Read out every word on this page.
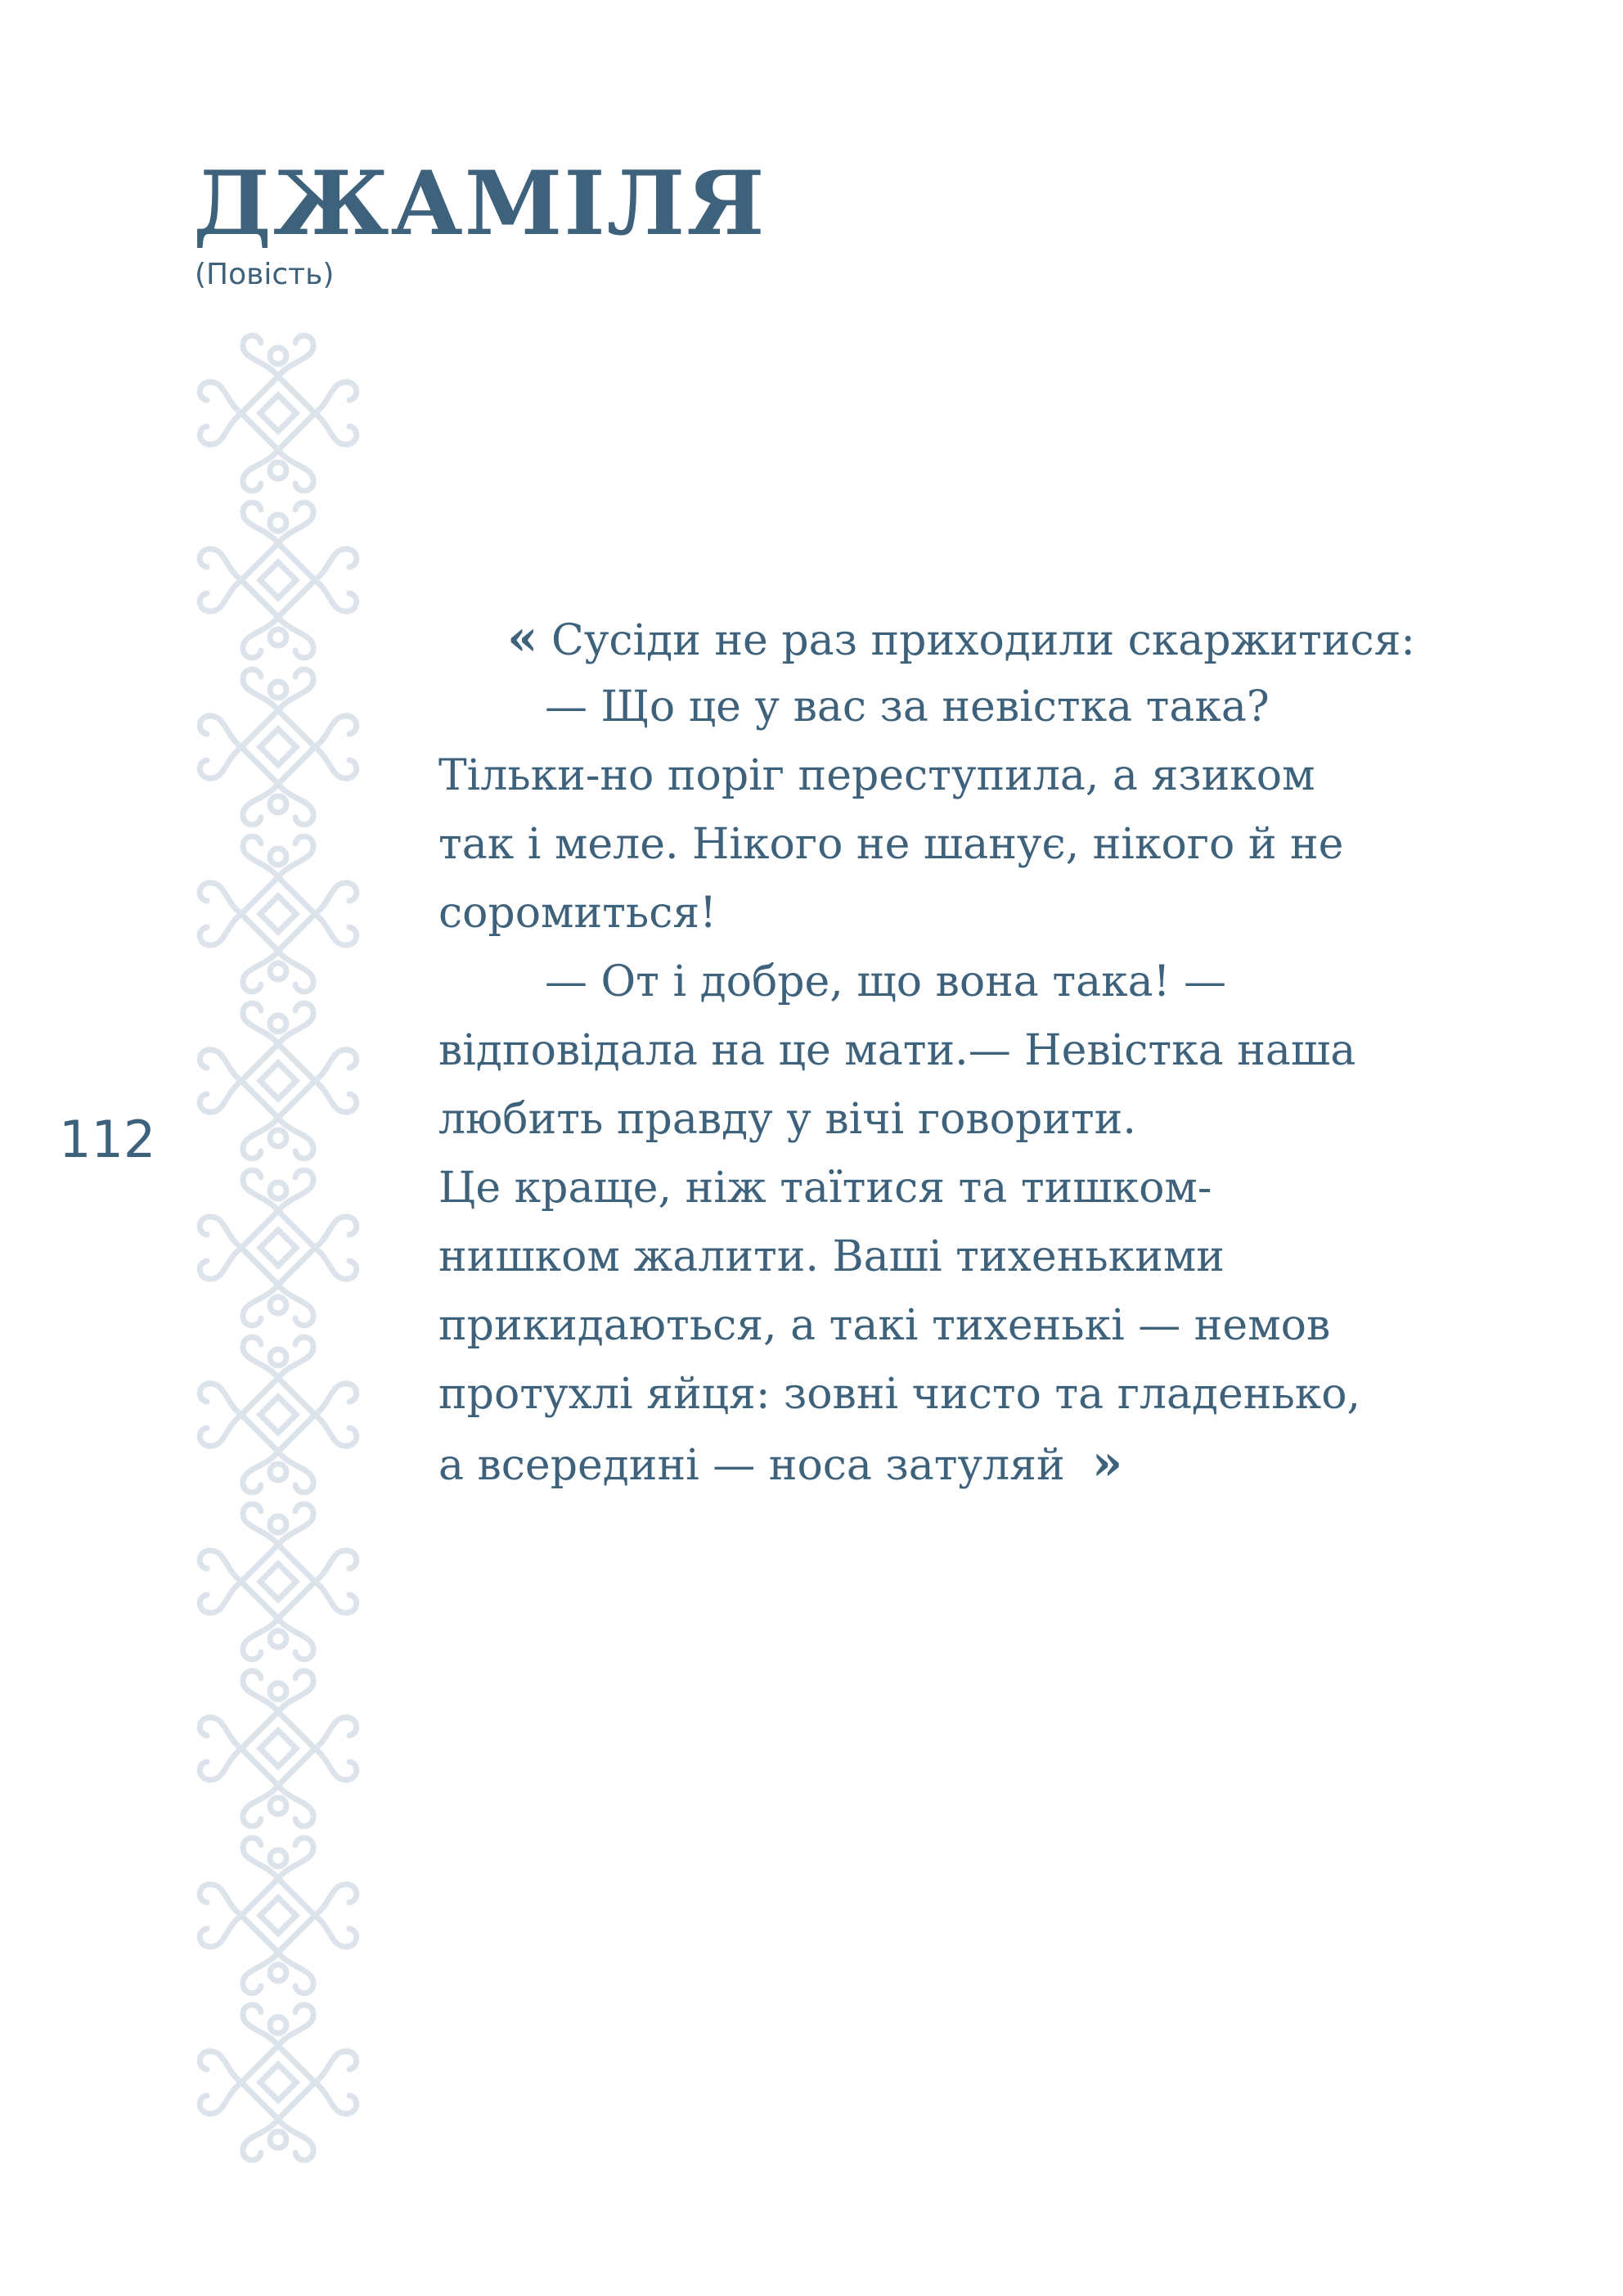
ДЖАМІЛЯ
(Повість)
112
« Сусіди не раз приходили скаржитися:
— Що це у вас за невістка така?
Тільки-но поріг переступила, а язиком
так і меле. Нікого не шанує, нікого й не
соромиться!
— От і добре, що вона така! —
відповідала на це мати.— Невістка наша
любить правду у вічі говорити.
Це краще, ніж таїтися та тишком-
нишком жалити. Ваші тихенькими
прикидаються, а такі тихенькі — немов
протухлі яйця: зовні чисто та гладенько,
а всередині — носа затуляй »
